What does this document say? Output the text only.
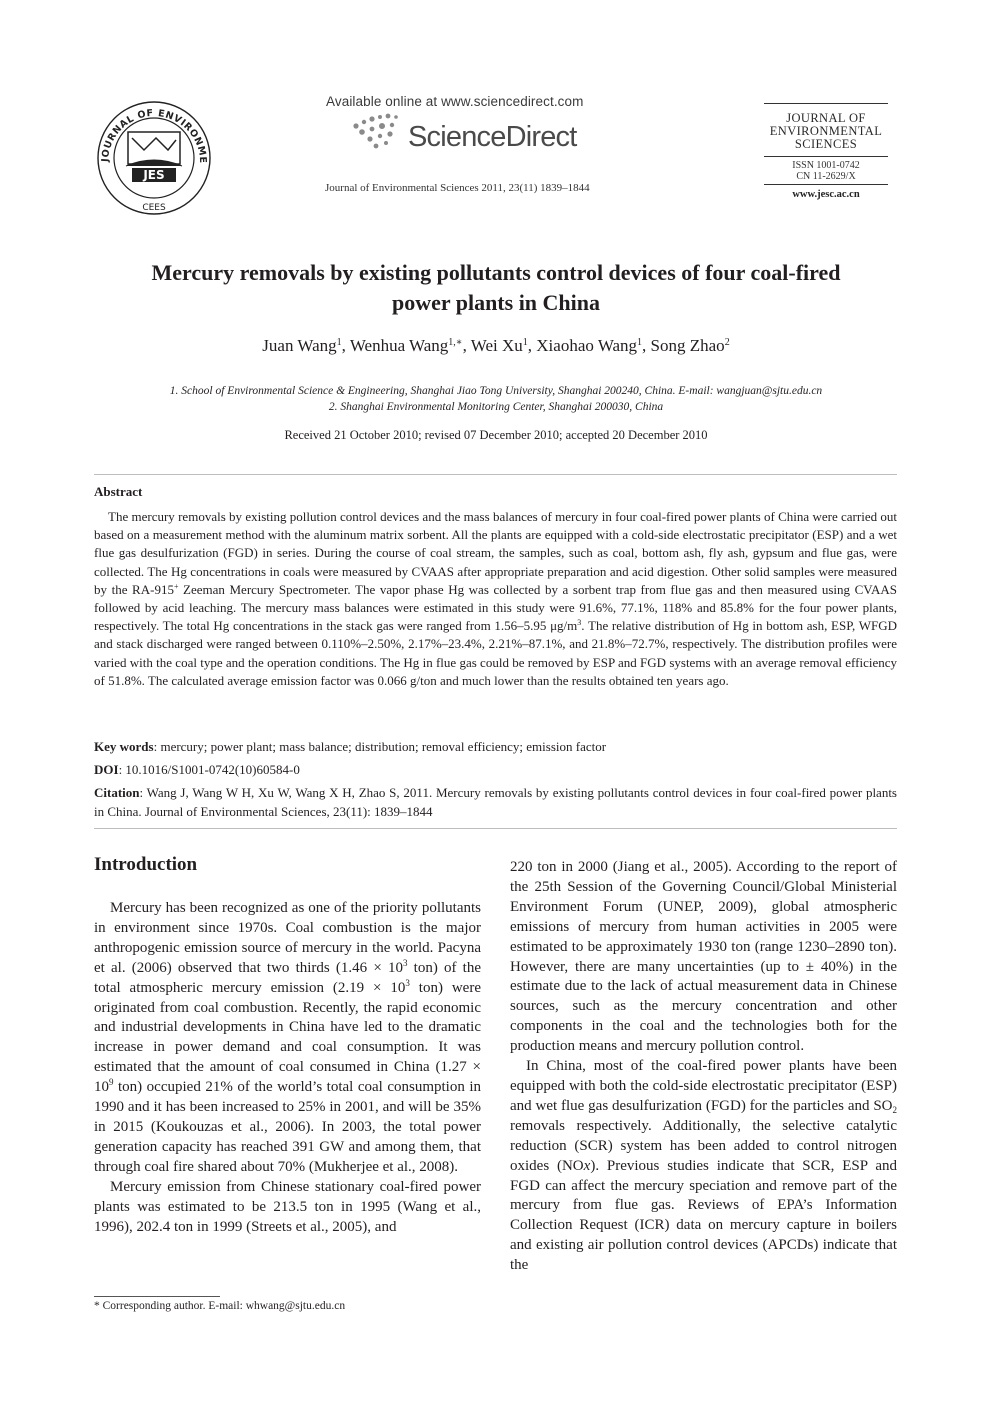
JOURNAL OF ENVIRONME
JES
CEES
Available online at www.sciencedirect.com
ScienceDirect
Journal of Environmental Sciences 2011, 23(11) 1839–1844
JOURNAL OF
ENVIRONMENTAL
SCIENCES
ISSN 1001-0742
CN 11-2629/X
www.jesc.ac.cn
Mercury removals by existing pollutants control devices of four coal-fired
power plants in China
Juan Wang$^1$, Wenhua Wang$^{1,∗}$, Wei Xu$^1$, Xiaohao Wang$^1$, Song Zhao$^2$
1. School of Environmental Science & Engineering, Shanghai Jiao Tong University, Shanghai 200240, China. E-mail: wangjuan@sjtu.edu.cn
2. Shanghai Environmental Monitoring Center, Shanghai 200030, China
Received 21 October 2010; revised 07 December 2010; accepted 20 December 2010
Abstract
The mercury removals by existing pollution control devices and the mass balances of mercury in four coal-fired power plants of China were carried out based on a measurement method with the aluminum matrix sorbent. All the plants are equipped with a cold-side electrostatic precipitator (ESP) and a wet flue gas desulfurization (FGD) in series. During the course of coal stream, the samples, such as coal, bottom ash, fly ash, gypsum and flue gas, were collected. The Hg concentrations in coals were measured by CVAAS after appropriate preparation and acid digestion. Other solid samples were measured by the RA-915+ Zeeman Mercury Spectrometer. The vapor phase Hg was collected by a sorbent trap from flue gas and then measured using CVAAS followed by acid leaching. The mercury mass balances were estimated in this study were 91.6%, 77.1%, 118% and 85.8% for the four power plants, respectively. The total Hg concentrations in the stack gas were ranged from 1.56–5.95 $\mu g/m^3$. The relative distribution of Hg in bottom ash, ESP, WFGD and stack discharged were ranged between 0.110%–2.50%, 2.17%–23.4%, 2.21%–87.1%, and 21.8%–72.7%, respectively. The distribution profiles were varied with the coal type and the operation conditions. The Hg in flue gas could be removed by ESP and FGD systems with an average removal efficiency of 51.8%. The calculated average emission factor was 0.066 g/ton and much lower than the results obtained ten years ago.
Key words: mercury; power plant; mass balance; distribution; removal efficiency; emission factor
DOI: 10.1016/S1001-0742(10)60584-0
Citation: Wang J, Wang W H, Xu W, Wang X H, Zhao S, 2011. Mercury removals by existing pollutants control devices in four coal-fired power plants in China. Journal of Environmental Sciences, 23(11): 1839–1844
Introduction

Mercury has been recognized as one of the priority pollutants in environment since 1970s. Coal combustion is the major anthropogenic emission source of mercury in the world. Pacyna et al. (2006) observed that two thirds ($1.46 \times 10^3$ ton) of the total atmospheric mercury emission ($2.19 \times 10^3$ ton) were originated from coal combustion. Recently, the rapid economic and industrial developments in China have led to the dramatic increase in power demand and coal consumption. It was estimated that the amount of coal consumed in China ($1.27 \times 10^9$ ton) occupied 21% of the world’s total coal consumption in 1990 and it has been increased to 25% in 2001, and will be 35% in 2015 (Koukouzas et al., 2006). In 2003, the total power generation capacity has reached 391 GW and among them, that through coal fire shared about 70% (Mukherjee et al., 2008).

Mercury emission from Chinese stationary coal-fired power plants was estimated to be 213.5 ton in 1995 (Wang et al., 1996), 202.4 ton in 1999 (Streets et al., 2005), and

220 ton in 2000 (Jiang et al., 2005). According to the report of the 25th Session of the Governing Council/Global Ministerial Environment Forum (UNEP, 2009), global atmospheric emissions of mercury from human activities in 2005 were estimated to be approximately 1930 ton (range 1230–2890 ton). However, there are many uncertainties (up to ± 40%) in the estimate due to the lack of actual measurement data in Chinese sources, such as the mercury concentration and other components in the coal and the technologies both for the production means and mercury pollution control.

In China, most of the coal-fired power plants have been equipped with both the cold-side electrostatic precipitator (ESP) and wet flue gas desulfurization (FGD) for the particles and $SO_2$ removals respectively. Additionally, the selective catalytic reduction (SCR) system has been added to control nitrogen oxides (NOx). Previous studies indicate that SCR, ESP and FGD can affect the mercury speciation and remove part of the mercury from flue gas. Reviews of EPA’s Information Collection Request (ICR) data on mercury capture in boilers and existing air pollution control devices (APCDs) indicate that the

* Corresponding author. E-mail: whwang@sjtu.edu.cn
